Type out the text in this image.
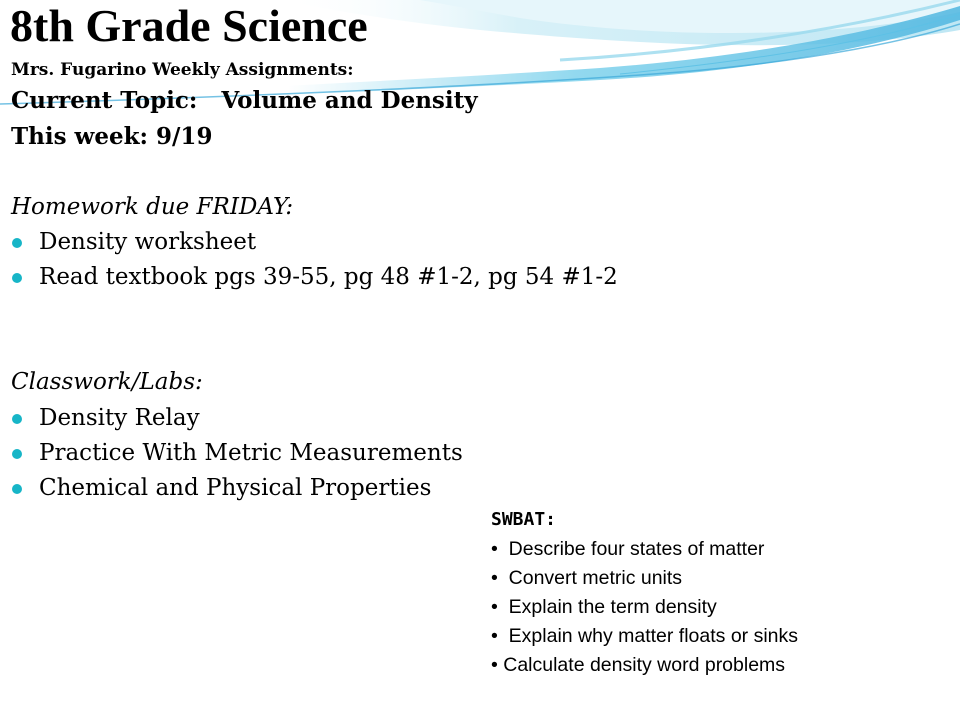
8th Grade Science
Mrs. Fugarino Weekly Assignments:
Current Topic:   Volume and Density
This week: 9/19
Homework due FRIDAY:
Density worksheet
Read textbook pgs 39-55, pg 48 #1-2, pg 54 #1-2
Classwork/Labs:
Density Relay
Practice With Metric Measurements
Chemical and Physical Properties
SWBAT:
•  Describe four states of matter
•  Convert metric units
•  Explain the term density
•  Explain why matter floats or sinks
• Calculate density word problems
